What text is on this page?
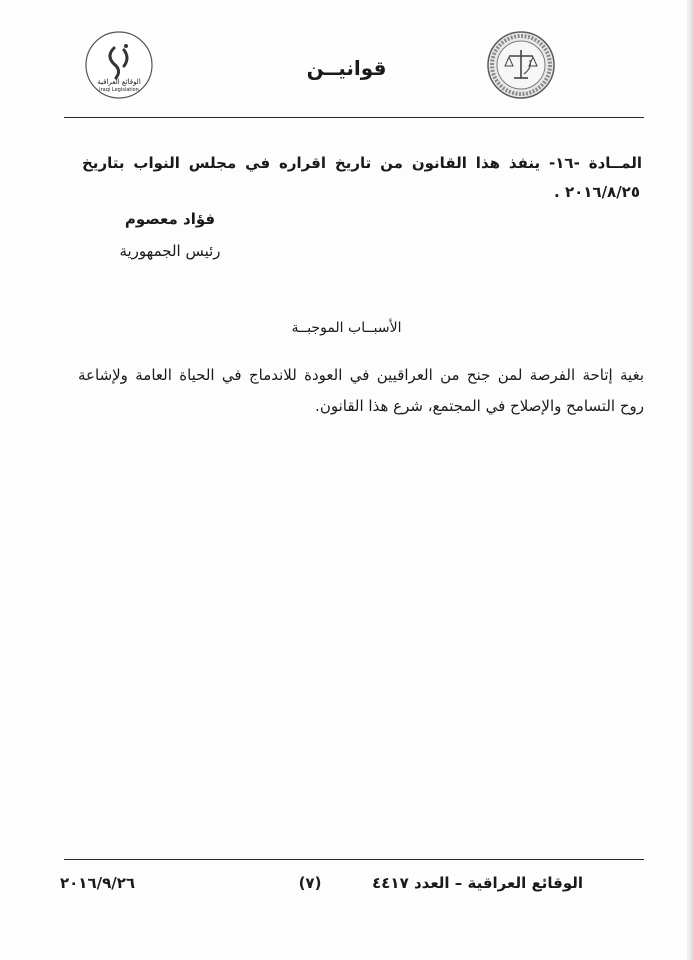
قوانيــن
الوقائع العراقية
Iraqi Legislation
المــادة -١٦- ينفذ هذا القانون من تاريخ اقراره في مجلس النواب بتاريخ
٢٠١٦/٨/٢٥ .
فؤاد معصوم
رئيس الجمهورية
الأسبــاب الموجبــة
بغية إتاحة الفرصة لمن جنح من العراقيين في العودة للاندماج في الحياة العامة ولإشاعة
روح التسامح والإصلاح في المجتمع، شرع هذا القانون.
الوقائع العراقية – العدد ٤٤١٧
(٧)
٢٠١٦/٩/٢٦
